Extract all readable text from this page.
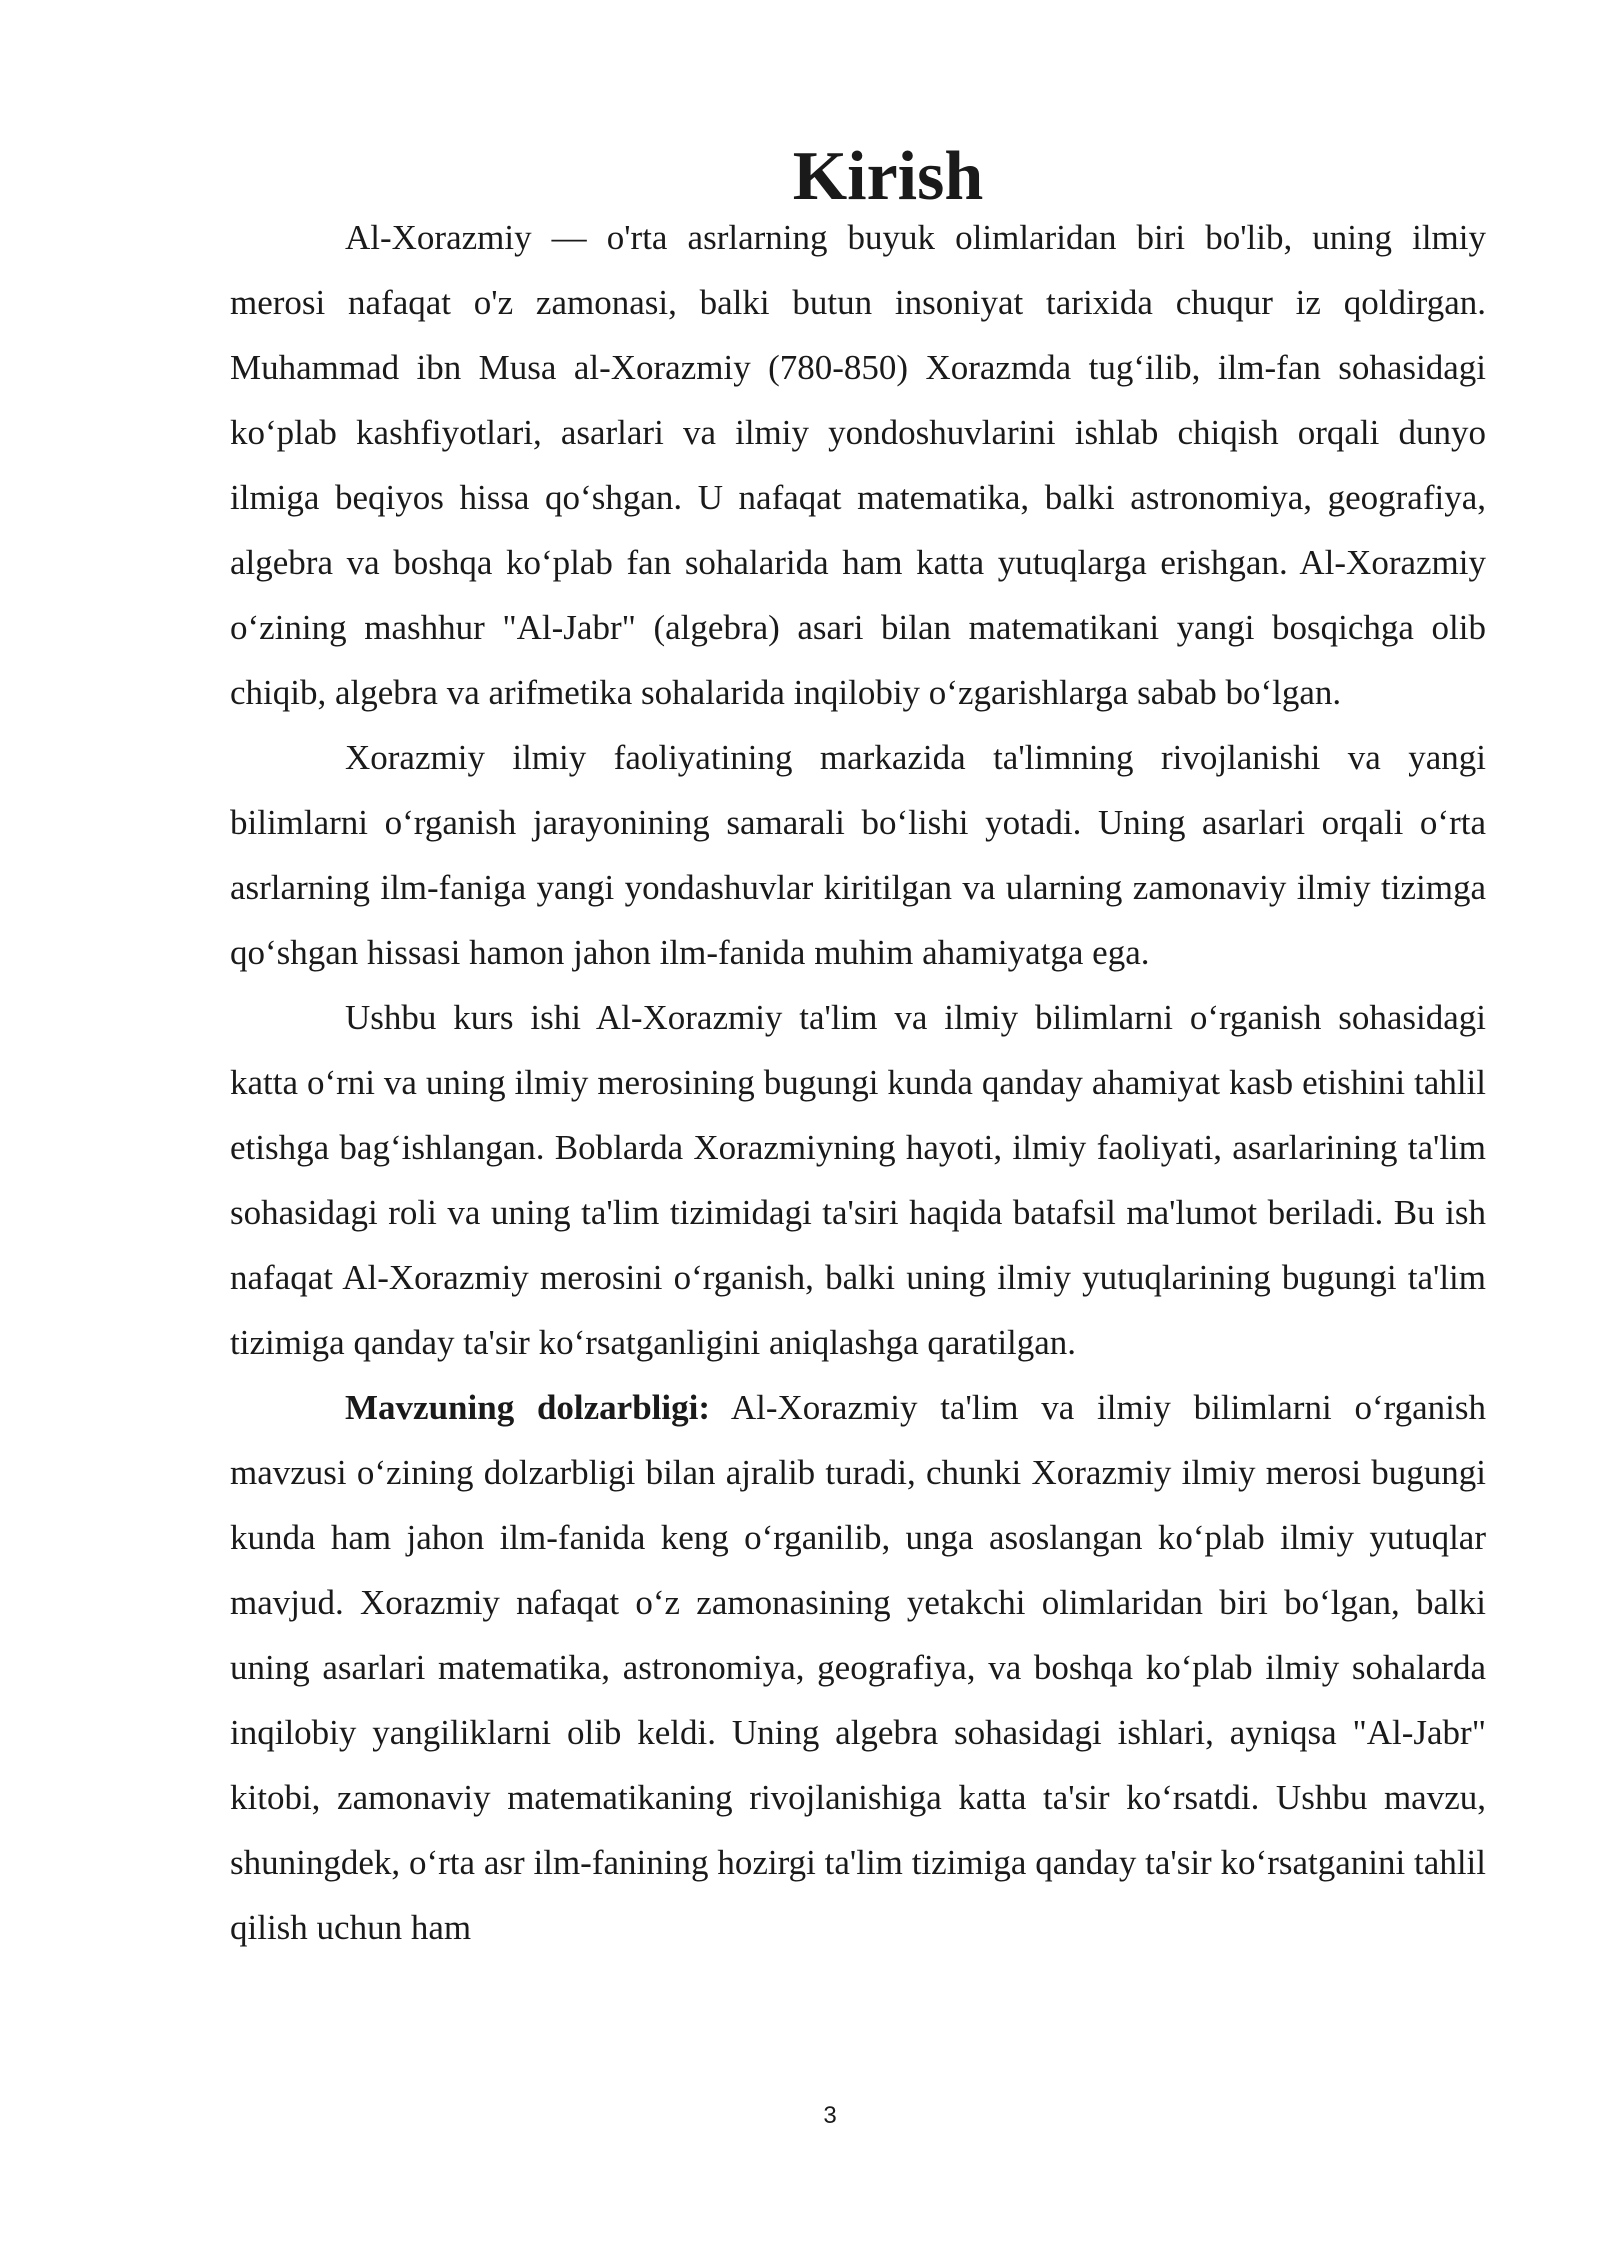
Kirish

Al-Xorazmiy — o'rta asrlarning buyuk olimlaridan biri bo'lib, uning ilmiy merosi nafaqat o'z zamonasi, balki butun insoniyat tarixida chuqur iz qoldirgan. Muhammad ibn Musa al-Xorazmiy (780-850) Xorazmda tug‘ilib, ilm-fan sohasidagi ko‘plab kashfiyotlari, asarlari va ilmiy yondoshuvlarini ishlab chiqish orqali dunyo ilmiga beqiyos hissa qo‘shgan. U nafaqat matematika, balki astronomiya, geografiya, algebra va boshqa ko‘plab fan sohalarida ham katta yutuqlarga erishgan. Al-Xorazmiy o‘zining mashhur "Al-Jabr" (algebra) asari bilan matematikani yangi bosqichga olib chiqib, algebra va arifmetika sohalarida inqilobiy o‘zgarishlarga sabab bo‘lgan.

Xorazmiy ilmiy faoliyatining markazida ta'limning rivojlanishi va yangi bilimlarni o‘rganish jarayonining samarali bo‘lishi yotadi. Uning asarlari orqali o‘rta asrlarning ilm-faniga yangi yondashuvlar kiritilgan va ularning zamonaviy ilmiy tizimga qo‘shgan hissasi hamon jahon ilm-fanida muhim ahamiyatga ega.

Ushbu kurs ishi Al-Xorazmiy ta'lim va ilmiy bilimlarni o‘rganish sohasidagi katta o‘rni va uning ilmiy merosining bugungi kunda qanday ahamiyat kasb etishini tahlil etishga bag‘ishlangan. Boblarda Xorazmiyning hayoti, ilmiy faoliyati, asarlarining ta'lim sohasidagi roli va uning ta'lim tizimidagi ta'siri haqida batafsil ma'lumot beriladi. Bu ish nafaqat Al-Xorazmiy merosini o‘rganish, balki uning ilmiy yutuqlarining bugungi ta'lim tizimiga qanday ta'sir ko‘rsatganligini aniqlashga qaratilgan.

Mavzuning dolzarbligi: Al-Xorazmiy ta'lim va ilmiy bilimlarni o‘rganish mavzusi o‘zining dolzarbligi bilan ajralib turadi, chunki Xorazmiy ilmiy merosi bugungi kunda ham jahon ilm-fanida keng o‘rganilib, unga asoslangan ko‘plab ilmiy yutuqlar mavjud. Xorazmiy nafaqat o‘z zamonasining yetakchi olimlaridan biri bo‘lgan, balki uning asarlari matematika, astronomiya, geografiya, va boshqa ko‘plab ilmiy sohalarda inqilobiy yangiliklarni olib keldi. Uning algebra sohasidagi ishlari, ayniqsa "Al-Jabr" kitobi, zamonaviy matematikaning rivojlanishiga katta ta'sir ko‘rsatdi. Ushbu mavzu, shuningdek, o‘rta asr ilm-fanining hozirgi ta'lim tizimiga qanday ta'sir ko‘rsatganini tahlil qilish uchun ham

3
